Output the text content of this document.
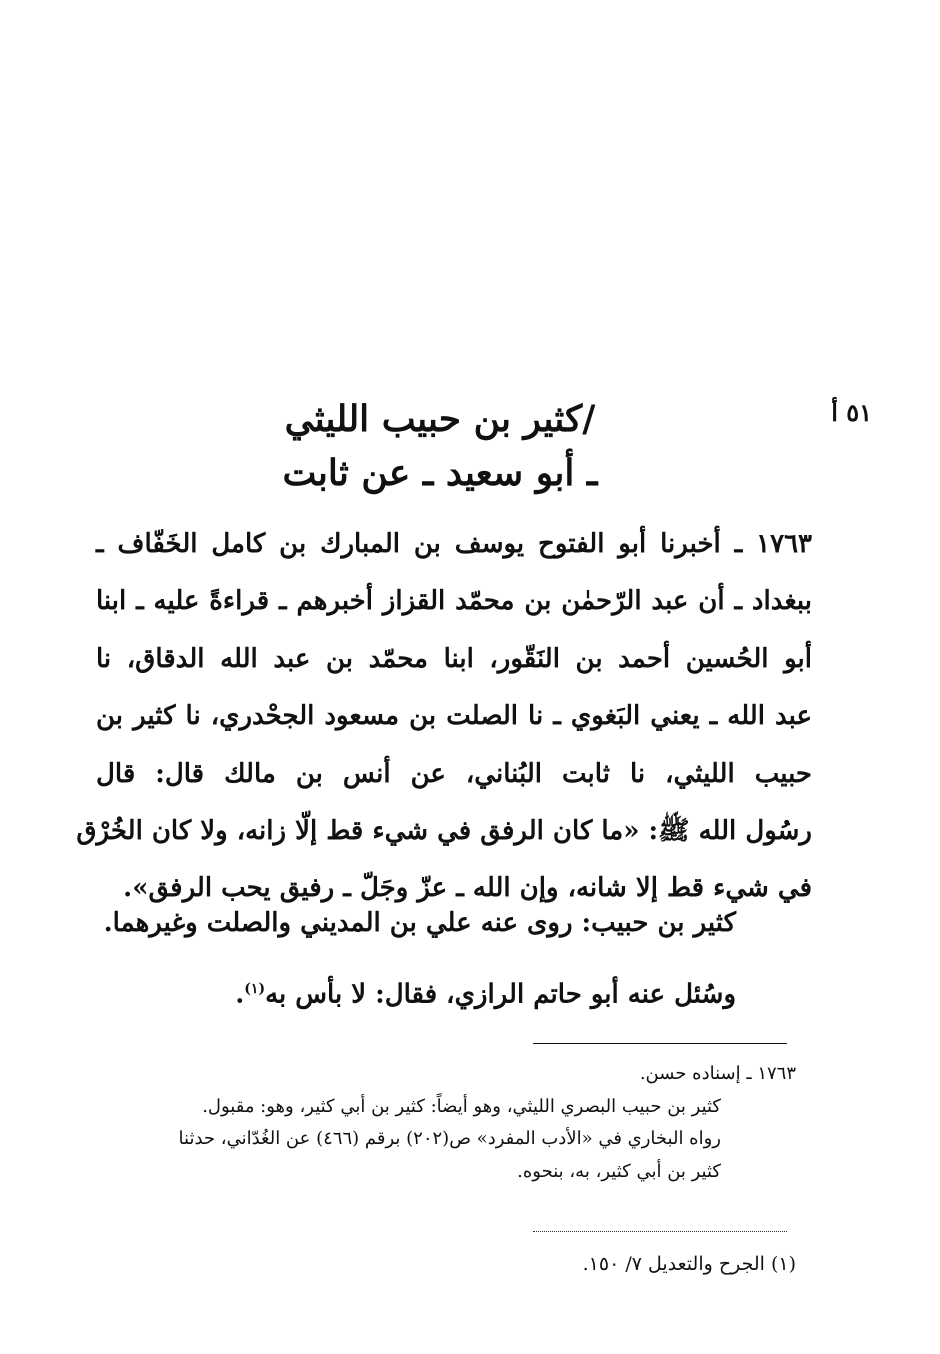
٥١ أ
/كثير بن حبيب الليثي
ـ أبو سعيد ـ عن ثابت
١٧٦٣ ـ أخبرنا أبو الفتوح يوسف بن المبارك بن كامل الخَفّاف ـ
ببغداد ـ أن عبد الرّحمٰن بن محمّد القزاز أخبرهم ـ قراءةً عليه ـ ابنا
أبو الحُسين أحمد بن النَقّور، ابنا محمّد بن عبد الله الدقاق، نا
عبد الله ـ يعني البَغوي ـ نا الصلت بن مسعود الجحْدري، نا كثير بن
حبيب الليثي، نا ثابت البُناني، عن أنس بن مالك قال: قال
رسُول الله ﷺ: «ما كان الرفق في شيء قط إلّا زانه، ولا كان الخُرْق
في شيء قط إلا شانه، وإن الله ـ عزّ وجَلّ ـ رفيق يحب الرفق».
كثير بن حبيب: روى عنه علي بن المديني والصلت وغيرهما.
وسُئل عنه أبو حاتم الرازي، فقال: لا بأس به$^{(١)}$.
١٧٦٣ ـ إسناده حسن.
كثير بن حبيب البصري الليثي، وهو أيضاً: كثير بن أبي كثير، وهو: مقبول.
رواه البخاري في «الأدب المفرد» ص(٢٠٢) برقم (٤٦٦) عن الغُدّاني، حدثنا
كثير بن أبي كثير، به، بنحوه.
(١) الجرح والتعديل ٧/ ١٥٠.
